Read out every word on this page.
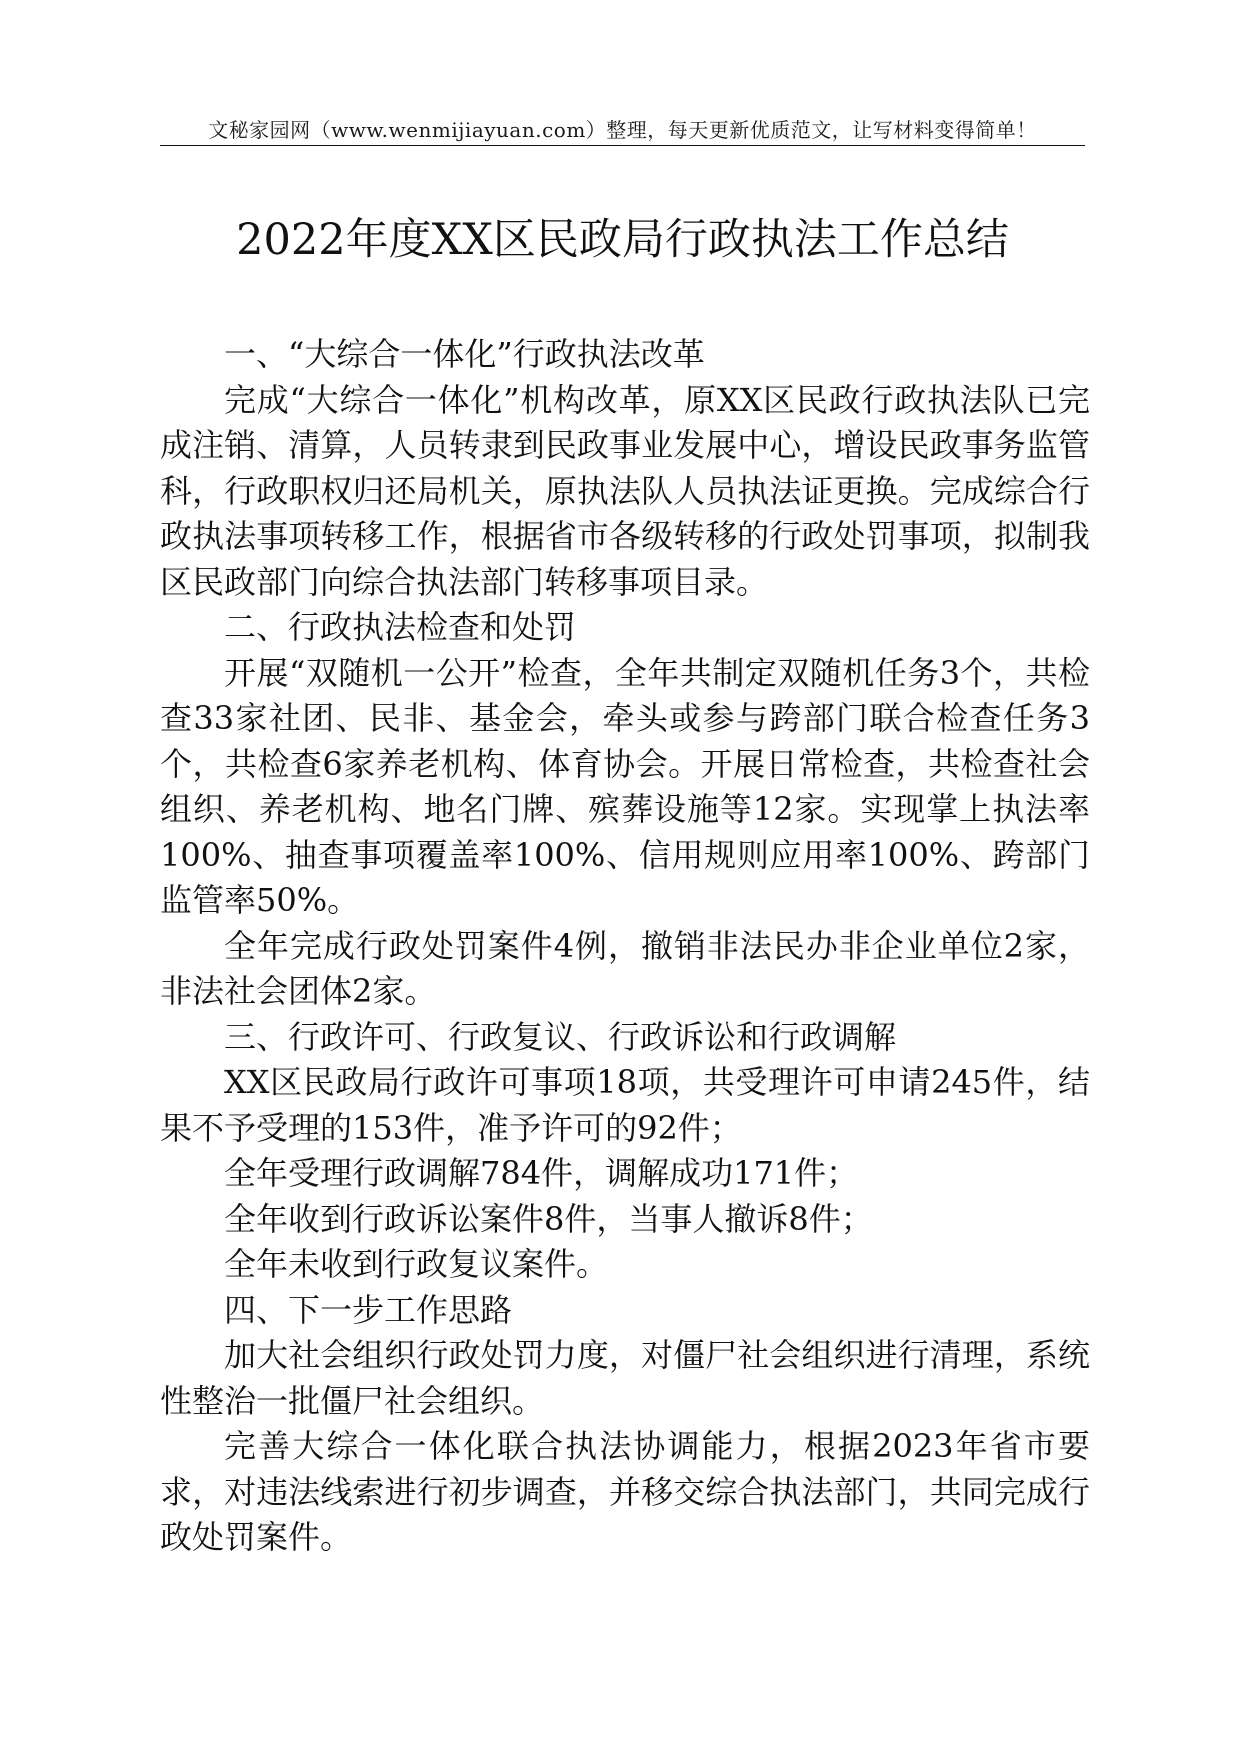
文秘家园网（www.wenmijiayuan.com）整理，每天更新优质范文，让写材料变得简单！
2022年度XX区民政局行政执法工作总结

一、“大综合一体化”行政执法改革

完成“大综合一体化”机构改革，原XX区民政行政执法队已完成注销、清算，人员转隶到民政事业发展中心，增设民政事务监管科，行政职权归还局机关，原执法队人员执法证更换。完成综合行政执法事项转移工作，根据省市各级转移的行政处罚事项，拟制我区民政部门向综合执法部门转移事项目录。

二、行政执法检查和处罚

开展“双随机一公开”检查，全年共制定双随机任务3个，共检查33家社团、民非、基金会，牵头或参与跨部门联合检查任务3个，共检查6家养老机构、体育协会。开展日常检查，共检查社会组织、养老机构、地名门牌、殡葬设施等12家。实现掌上执法率100%、抽查事项覆盖率100%、信用规则应用率100%、跨部门监管率50%。

全年完成行政处罚案件4例，撤销非法民办非企业单位2家，非法社会团体2家。

三、行政许可、行政复议、行政诉讼和行政调解

XX区民政局行政许可事项18项，共受理许可申请245件，结果不予受理的153件，准予许可的92件；

全年受理行政调解784件，调解成功171件；

全年收到行政诉讼案件8件，当事人撤诉8件；

全年未收到行政复议案件。

四、下一步工作思路

加大社会组织行政处罚力度，对僵尸社会组织进行清理，系统性整治一批僵尸社会组织。

完善大综合一体化联合执法协调能力，根据2023年省市要求，对违法线索进行初步调查，并移交综合执法部门，共同完成行政处罚案件。
